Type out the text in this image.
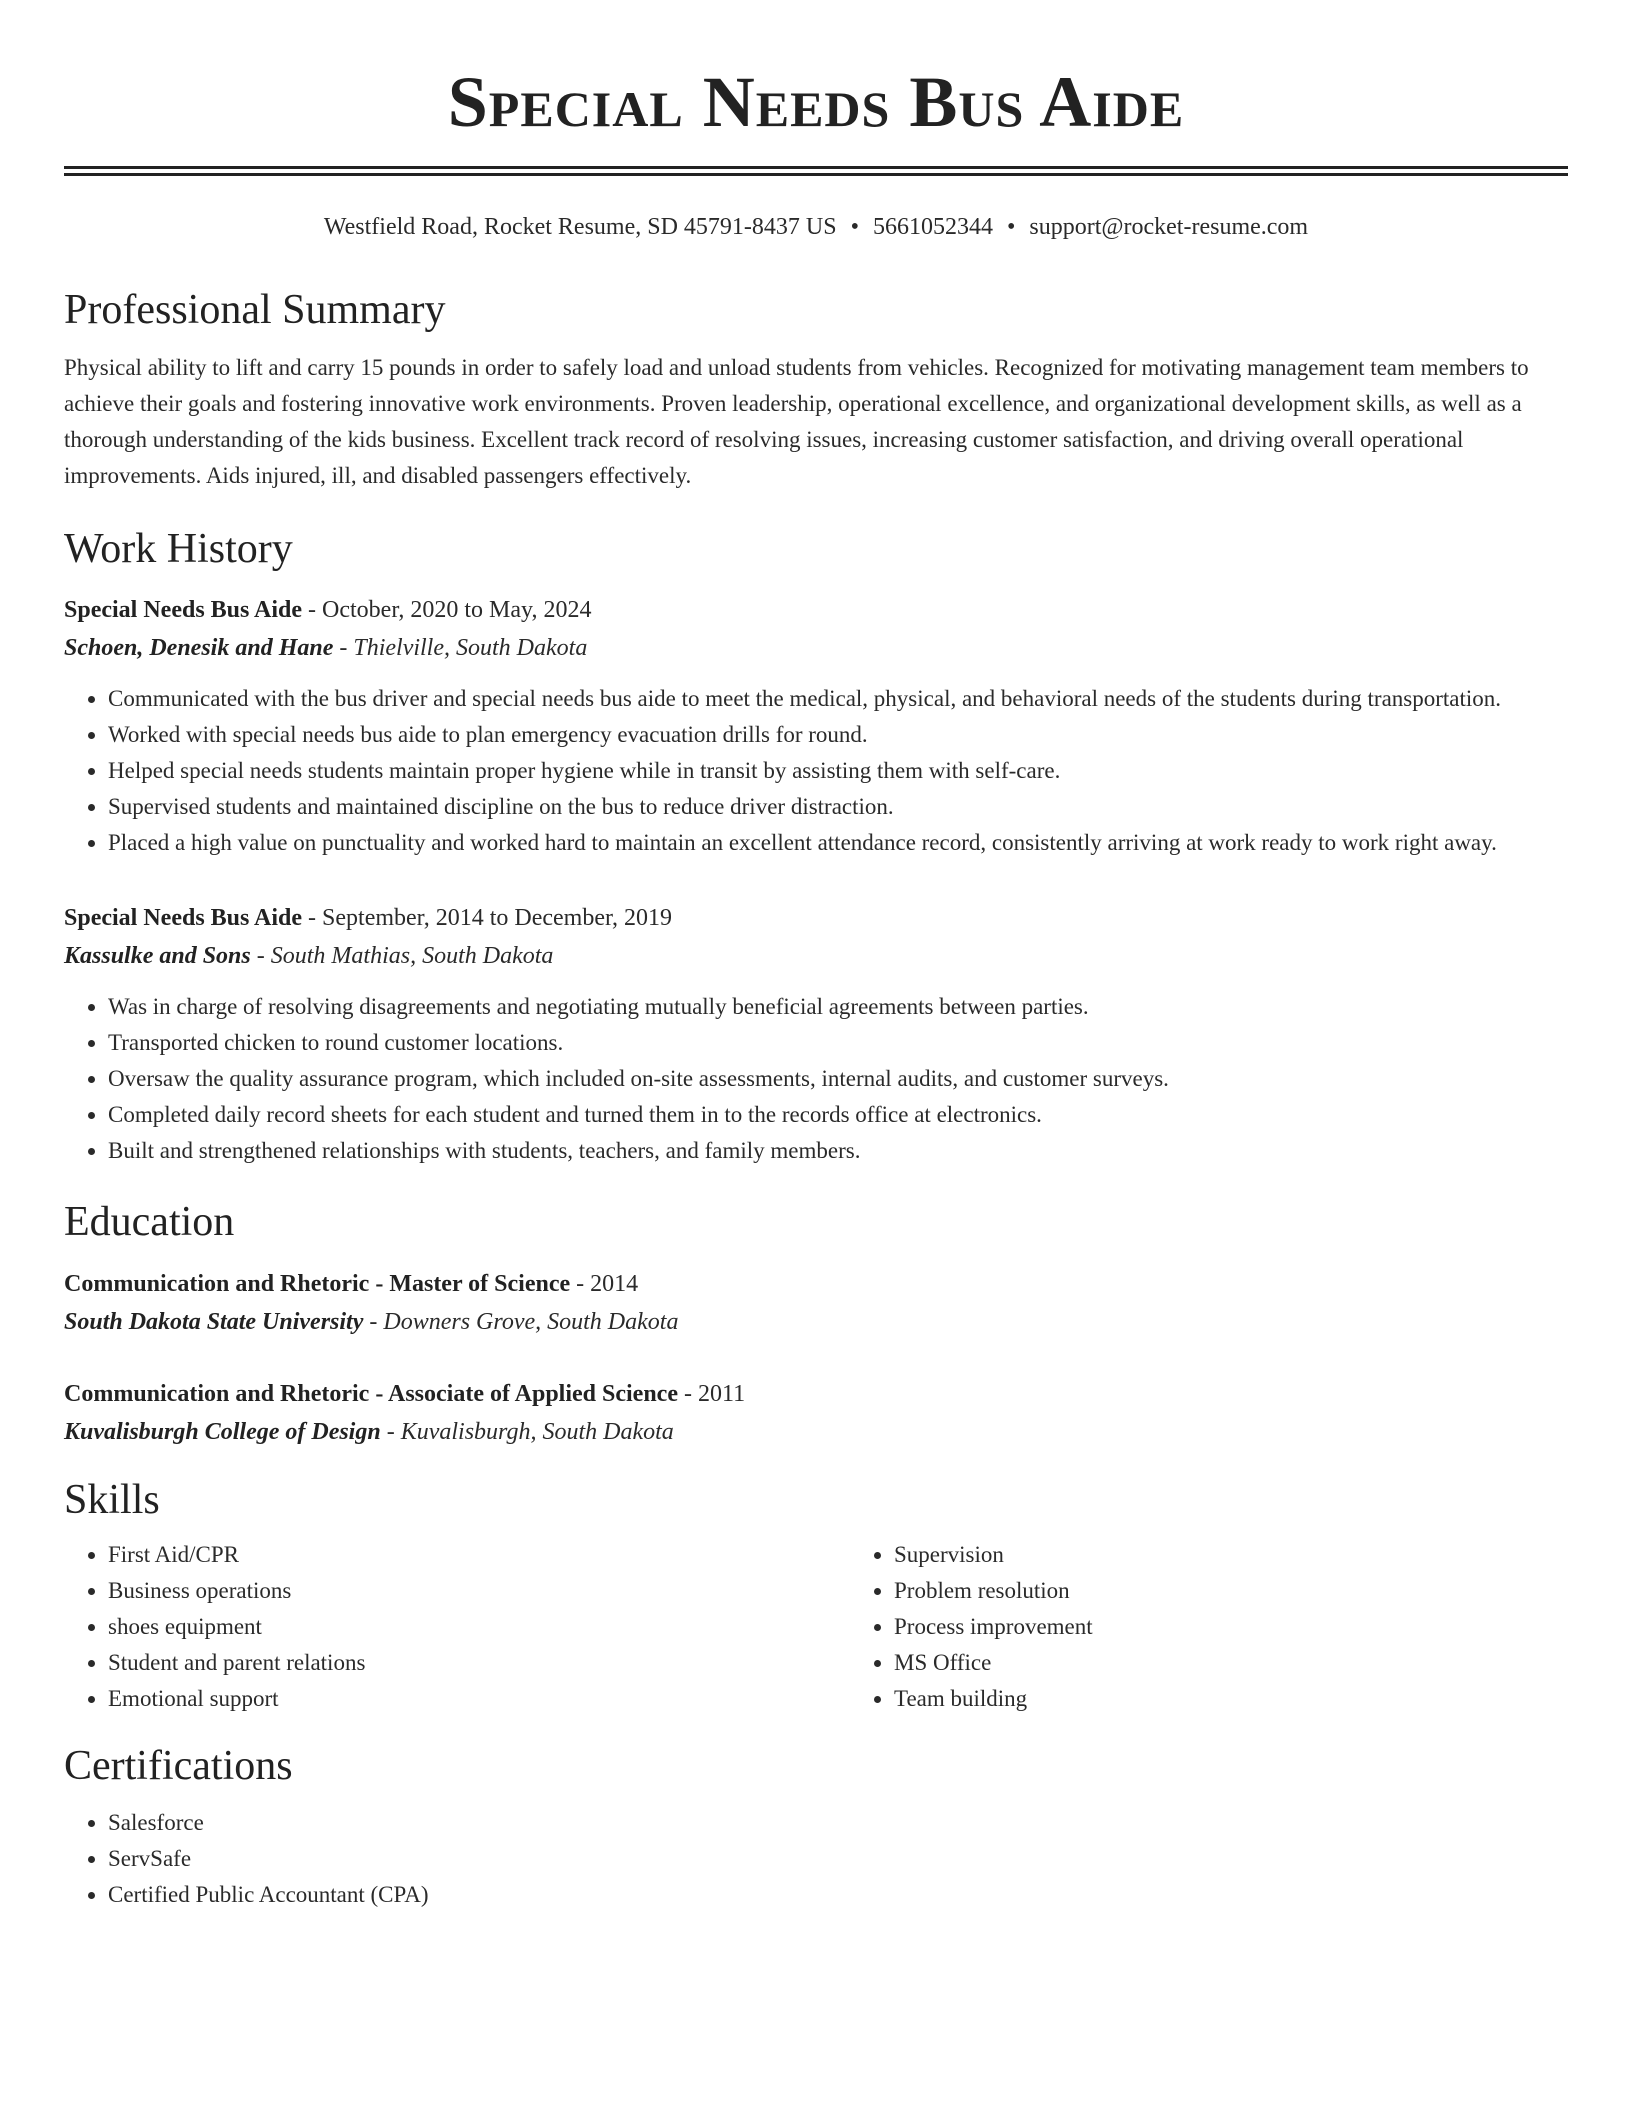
Special Needs Bus Aide
Westfield Road, Rocket Resume, SD 45791-8437 US • 5661052344 • support@rocket-resume.com
Professional Summary

Physical ability to lift and carry 15 pounds in order to safely load and unload students from vehicles. Recognized for motivating management team members to achieve their goals and fostering innovative work environments. Proven leadership, operational excellence, and organizational development skills, as well as a thorough understanding of the kids business. Excellent track record of resolving issues, increasing customer satisfaction, and driving overall operational improvements. Aids injured, ill, and disabled passengers effectively.

Work History
Special Needs Bus Aide - October, 2020 to May, 2024
Schoen, Denesik and Hane - Thielville, South Dakota
• Communicated with the bus driver and special needs bus aide to meet the medical, physical, and behavioral needs of the students during transportation.
• Worked with special needs bus aide to plan emergency evacuation drills for round.
• Helped special needs students maintain proper hygiene while in transit by assisting them with self-care.
• Supervised students and maintained discipline on the bus to reduce driver distraction.
• Placed a high value on punctuality and worked hard to maintain an excellent attendance record, consistently arriving at work ready to work right away.
Special Needs Bus Aide - September, 2014 to December, 2019
Kassulke and Sons - South Mathias, South Dakota
• Was in charge of resolving disagreements and negotiating mutually beneficial agreements between parties.
• Transported chicken to round customer locations.
• Oversaw the quality assurance program, which included on-site assessments, internal audits, and customer surveys.
• Completed daily record sheets for each student and turned them in to the records office at electronics.
• Built and strengthened relationships with students, teachers, and family members.
Education
Communication and Rhetoric - Master of Science - 2014
South Dakota State University - Downers Grove, South Dakota
Communication and Rhetoric - Associate of Applied Science - 2011
Kuvalisburgh College of Design - Kuvalisburgh, South Dakota
Skills
• First Aid/CPR
• Business operations
• shoes equipment
• Student and parent relations
• Emotional support
• Supervision
• Problem resolution
• Process improvement
• MS Office
• Team building
Certifications
• Salesforce
• ServSafe
• Certified Public Accountant (CPA)
